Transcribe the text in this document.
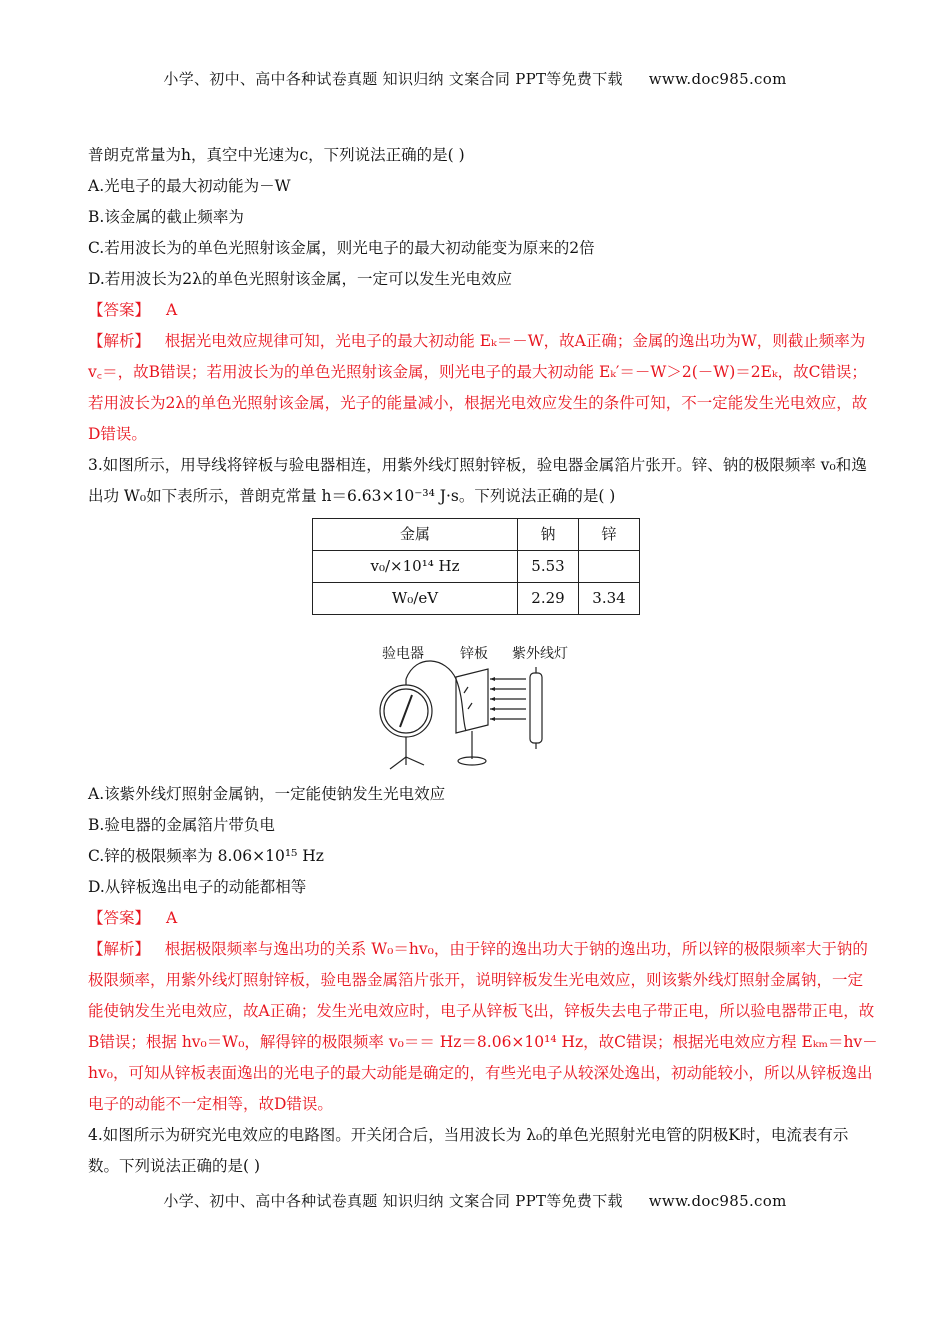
小学、初中、高中各种试卷真题 知识归纳 文案合同 PPT等免费下载 www.doc985.com
普朗克常量为h，真空中光速为c，下列说法正确的是( )
A.光电子的最大初动能为－W
B.该金属的截止频率为
C.若用波长为的单色光照射该金属，则光电子的最大初动能变为原来的2倍
D.若用波长为2λ的单色光照射该金属，一定可以发生光电效应
【答案】 A
【解析】 根据光电效应规律可知，光电子的最大初动能 Eₖ＝－W，故A正确；金属的逸出功为W，则截止频率为 v꜀＝，故B错误；若用波长为的单色光照射该金属，则光电子的最大初动能 Eₖ′＝－W＞2(－W)＝2Eₖ，故C错误；若用波长为2λ的单色光照射该金属，光子的能量减小，根据光电效应发生的条件可知，不一定能发生光电效应，故D错误。
3.如图所示，用导线将锌板与验电器相连，用紫外线灯照射锌板，验电器金属箔片张开。锌、钠的极限频率 v₀和逸出功 W₀如下表所示，普朗克常量 h＝6.63×10⁻³⁴ J·s。下列说法正确的是( )
金属	钠	锌
v₀/×10¹⁴ Hz	5.53	
W₀/eV	2.29	3.34
验电器	锌板 紫外线灯
A.该紫外线灯照射金属钠，一定能使钠发生光电效应
B.验电器的金属箔片带负电
C.锌的极限频率为 8.06×10¹⁵ Hz
D.从锌板逸出电子的动能都相等
【答案】 A
【解析】 根据极限频率与逸出功的关系 W₀＝hv₀，由于锌的逸出功大于钠的逸出功，所以锌的极限频率大于钠的极限频率，用紫外线灯照射锌板，验电器金属箔片张开，说明锌板发生光电效应，则该紫外线灯照射金属钠，一定能使钠发生光电效应，故A正确；发生光电效应时，电子从锌板飞出，锌板失去电子带正电，所以验电器带正电，故B错误；根据 hv₀＝W₀，解得锌的极限频率 v₀＝＝ Hz＝8.06×10¹⁴ Hz，故C错误；根据光电效应方程 Eₖₘ＝hv－hv₀，可知从锌板表面逸出的光电子的最大动能是确定的，有些光电子从较深处逸出，初动能较小，所以从锌板逸出电子的动能不一定相等，故D错误。
4.如图所示为研究光电效应的电路图。开关闭合后，当用波长为 λ₀的单色光照射光电管的阴极K时，电流表有示数。下列说法正确的是( )
小学、初中、高中各种试卷真题 知识归纳 文案合同 PPT等免费下载 www.doc985.com
